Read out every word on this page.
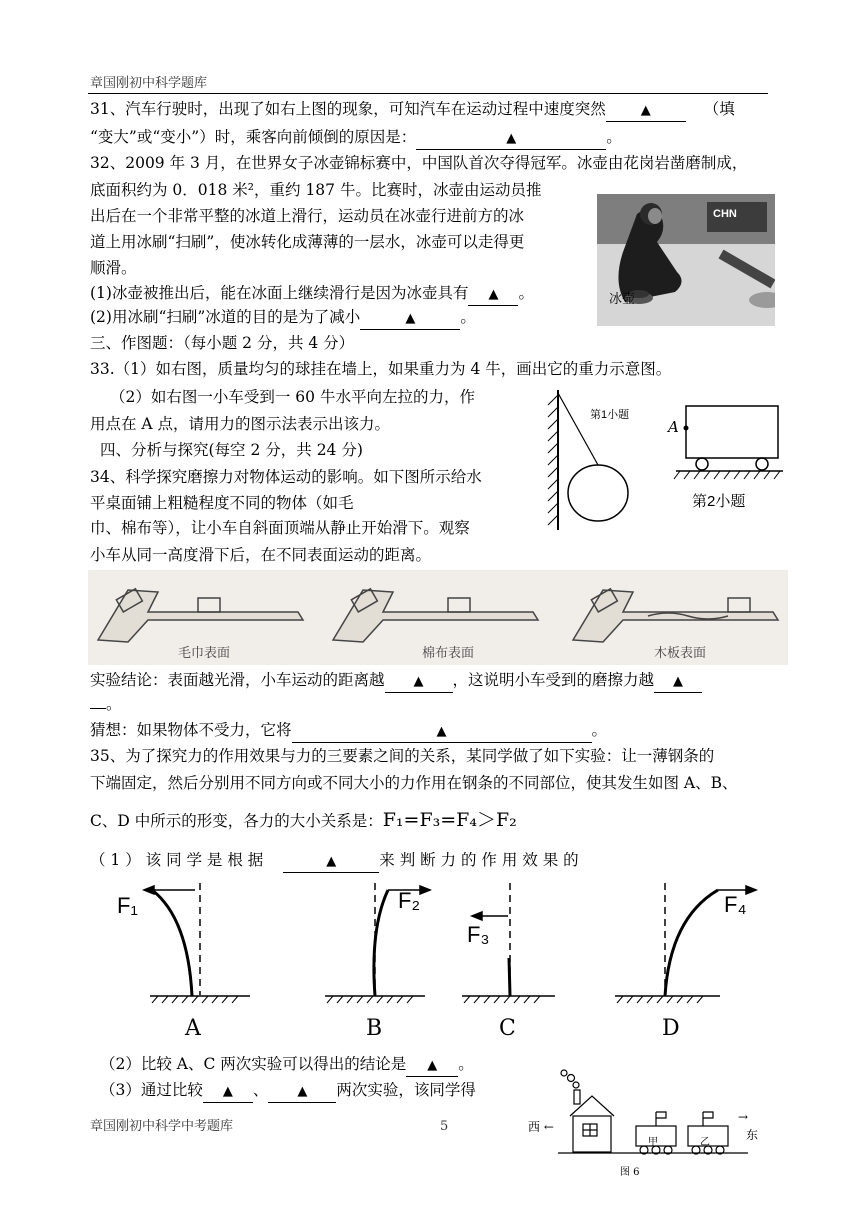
章国刚初中科学题库
31、汽车行驶时，出现了如右上图的现象，可知汽车在运动过程中速度突然	▲	（填
“变大”或“变小”）时，乘客向前倾倒的原因是：	▲	。
32、2009 年 3 月，在世界女子冰壶锦标赛中，中国队首次夺得冠军。冰壶由花岗岩凿磨制成，
底面积约为 0．018 米²，重约 187 牛。比赛时，冰壶由运动员推
出后在一个非常平整的冰道上滑行，运动员在冰壶行进前方的冰
道上用冰刷“扫刷”，使冰转化成薄薄的一层水，冰壶可以走得更
顺滑。
(1)冰壶被推出后，能在冰面上继续滑行是因为冰壶具有 ▲ 。
(2)用冰刷“扫刷”冰道的目的是为了减小	▲	。
冰壶
CHN
三、作图题：（每小题 2 分，共 4 分）
33.（1）如右图，质量均匀的球挂在墙上，如果重力为 4 牛，画出它的重力示意图。
（2）如右图一小车受到一 60 牛水平向左拉的力，作
用点在 A 点，请用力的图示法表示出该力。	第1小题
A
第2小题
四、分析与探究(每空 2 分，共 24 分)
34、科学探究磨擦力对物体运动的影响。如下图所示给水
平桌面铺上粗糙程度不同的物体（如毛
巾、棉布等），让小车自斜面顶端从静止开始滑下。观察
小车从同一高度滑下后，在不同表面运动的距离。
毛巾表面	棉布表面	木板表面
实验结论：表面越光滑，小车运动的距离越 ▲ ，这说明小车受到的磨擦力越 ▲
。
猜想：如果物体不受力，它将	▲	。
35、为了探究力的作用效果与力的三要素之间的关系，某同学做了如下实验：让一薄钢条的
下端固定，然后分别用不同方向或不同大小的力作用在钢条的不同部位，使其发生如图 A、B、
C、D 中所示的形变，各力的大小关系是：F₁=F₃=F₄＞F₂
（ 1 ） 该 同 学 是 根 据	▲	来 判 断 力 的 作 用 效 果 的
F₁	F₂
F₃
F₄
A	B	C	D
（2）比较 A、C 两次实验可以得出的结论是 ▲ 。
（3）通过比较 ▲ 、 ▲ 两次实验，该同学得
章国刚初中科学中考题库	5	西 ←
→
东
甲	乙
图 6
